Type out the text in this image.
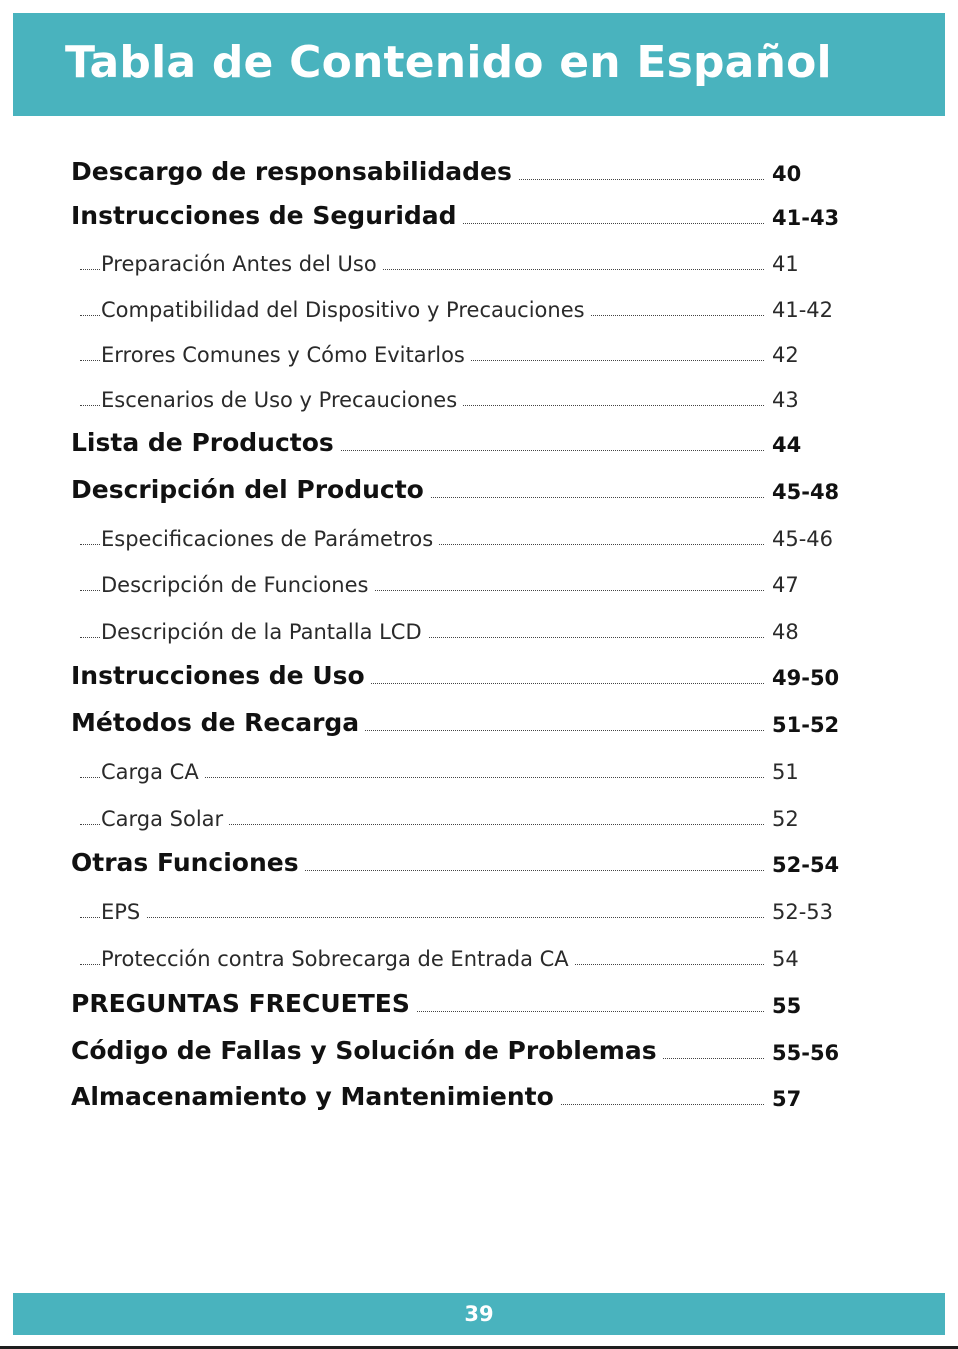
Tabla de Contenido en Español
Descargo de responsabilidades	40
Instrucciones de Seguridad	41-43
Preparación Antes del Uso	41
Compatibilidad del Dispositivo y Precauciones	41-42
Errores Comunes y Cómo Evitarlos	42
Escenarios de Uso y Precauciones	43
Lista de Productos	44
Descripción del Producto	45-48
Especificaciones de Parámetros	45-46
Descripción de Funciones	47
Descripción de la Pantalla LCD	48
Instrucciones de Uso	49-50
Métodos de Recarga	51-52
Carga CA	51
Carga Solar	52
Otras Funciones	52-54
EPS	52-53
Protección contra Sobrecarga de Entrada CA	54
PREGUNTAS FRECUETES	55
Código de Fallas y Solución de Problemas	55-56
Almacenamiento y Mantenimiento	57
39
